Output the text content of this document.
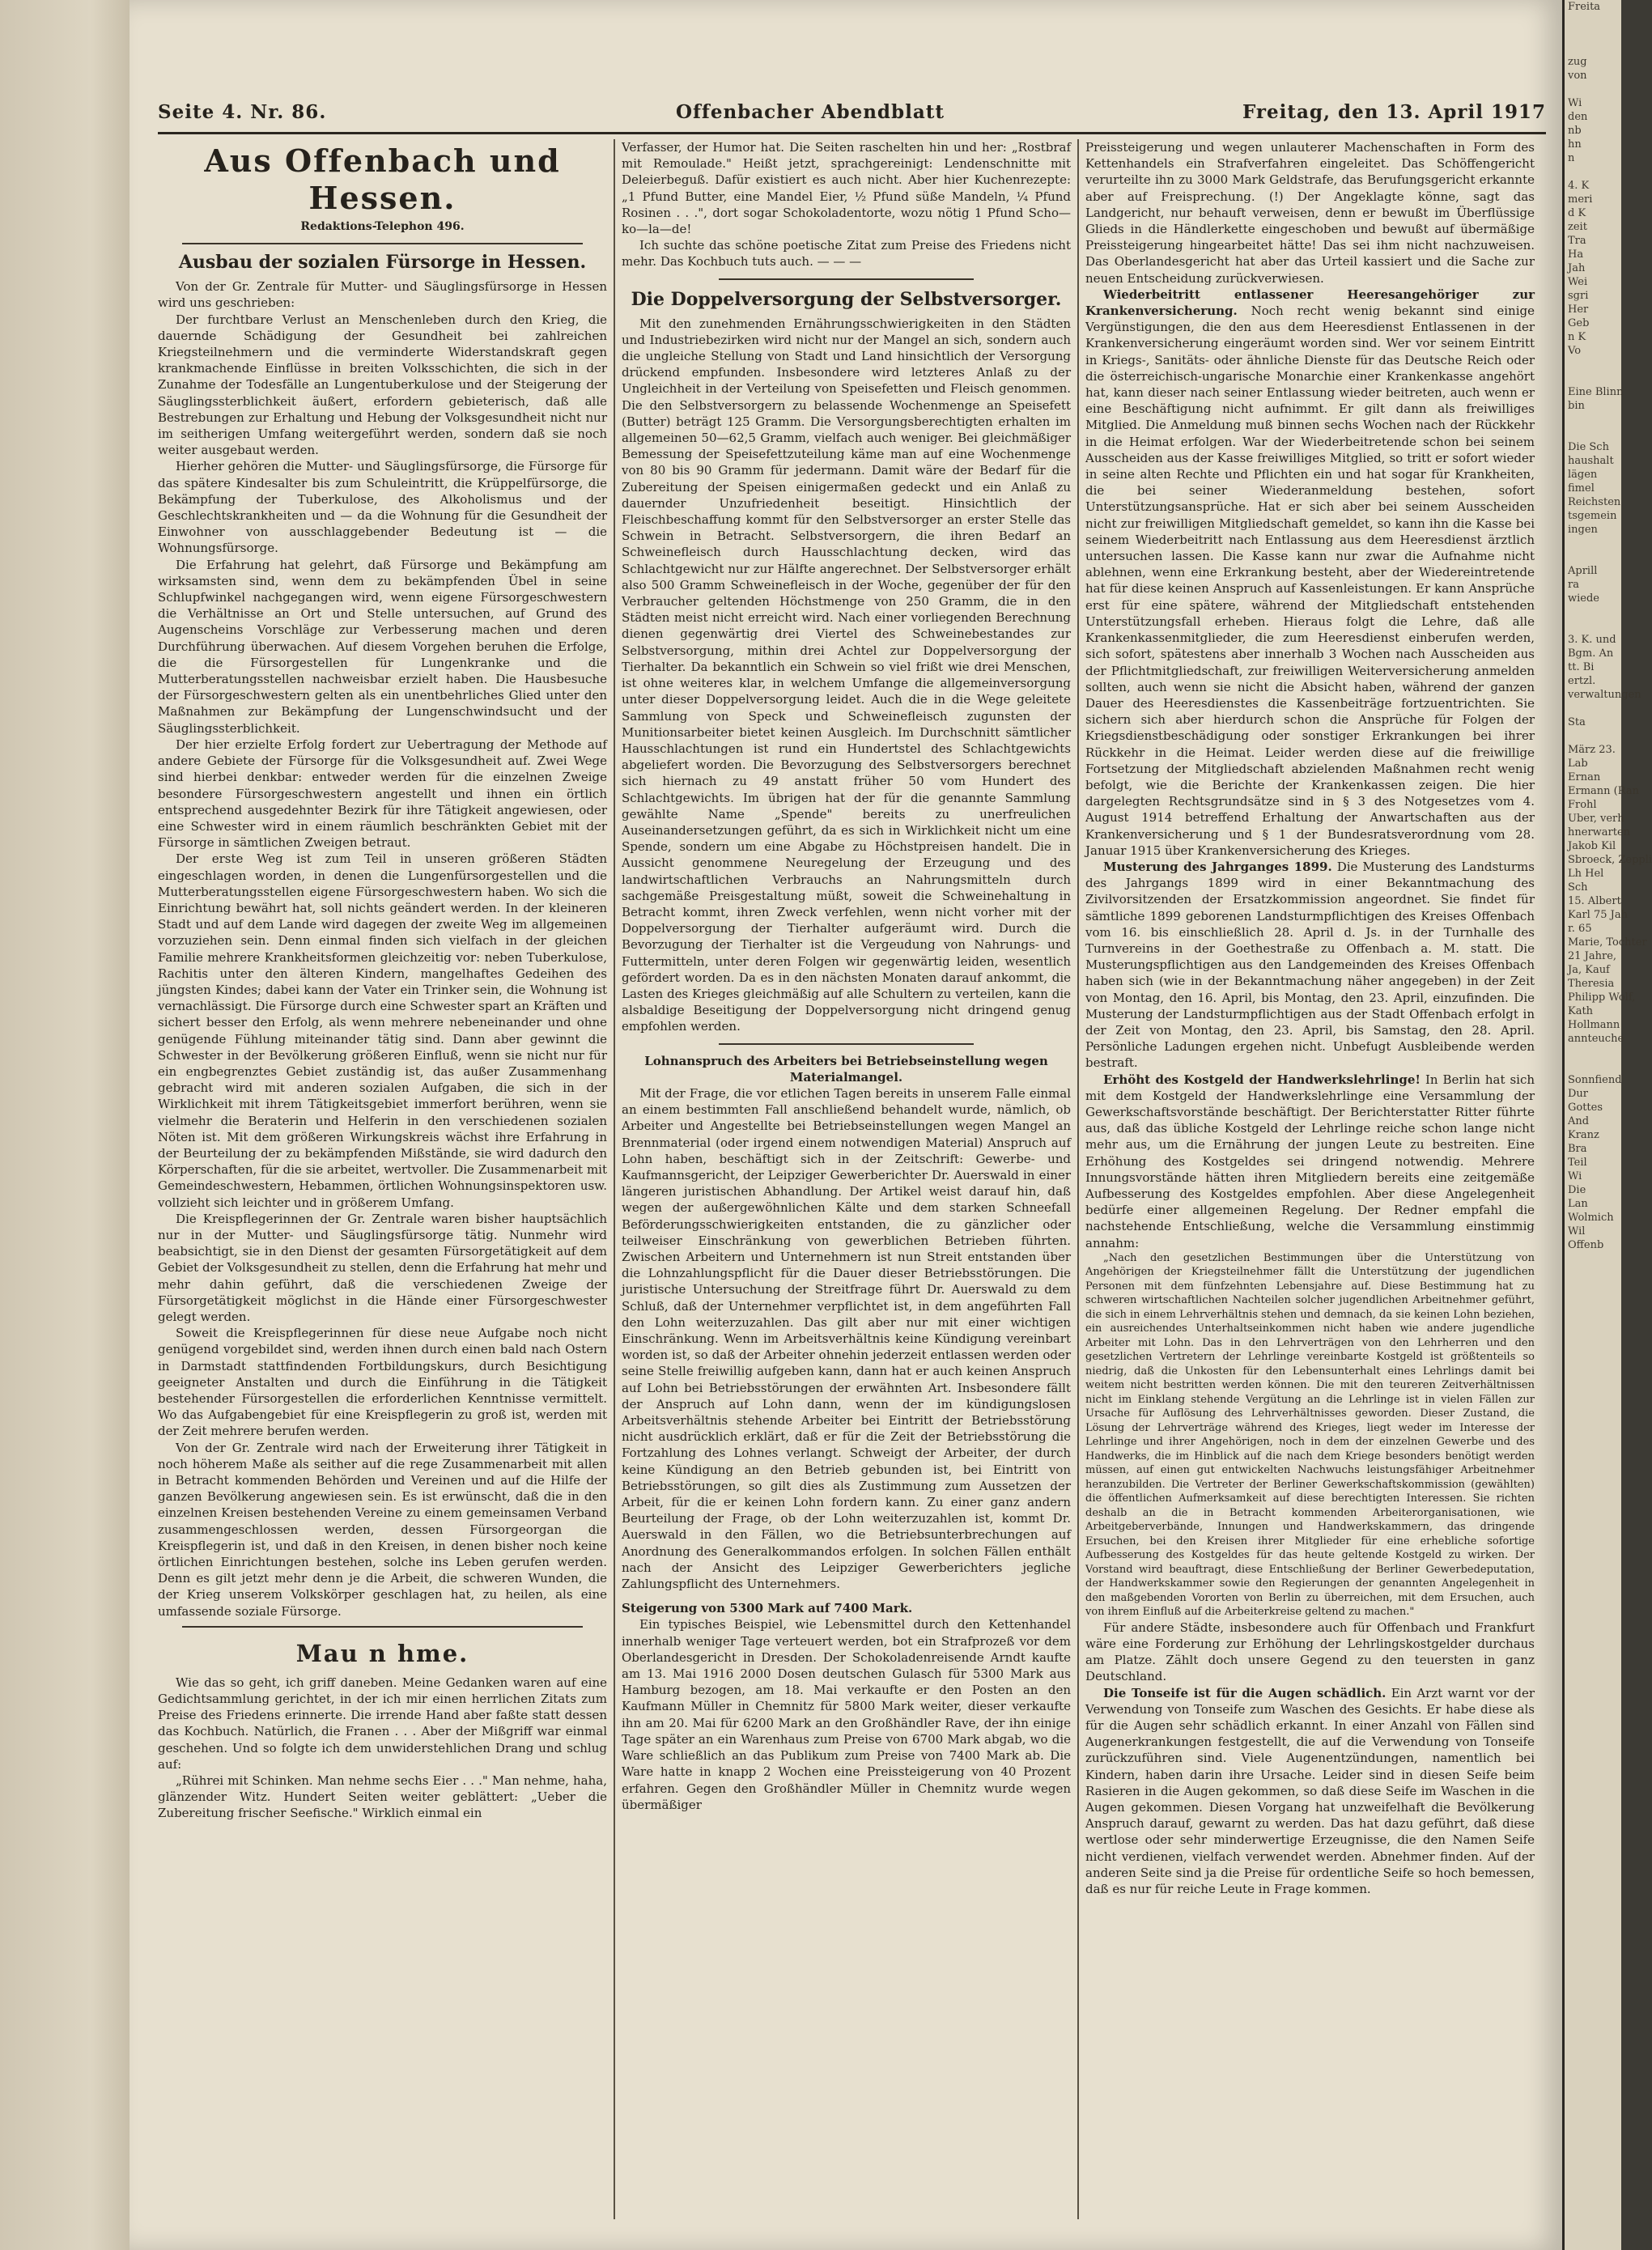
Seite 4. Nr. 86.	Offenbacher Abendblatt	Freitag, den 13. April 1917
Aus Offenbach und Hessen.
Redaktions-Telephon 496.
Ausbau der sozialen Fürsorge in Hessen.

Von der Gr. Zentrale für Mutter- und Säuglingsfürsorge in Hessen wird uns geschrieben:

Der furchtbare Verlust an Menschenleben durch den Krieg, die dauernde Schädigung der Gesundheit bei zahlreichen Kriegsteilnehmern und die verminderte Widerstandskraft gegen krankmachende Einflüsse in breiten Volksschichten, die sich in der Zunahme der Todesfälle an Lungentuberkulose und der Steigerung der Säuglingssterblichkeit äußert, erfordern gebieterisch, daß alle Bestrebungen zur Erhaltung und Hebung der Volksgesundheit nicht nur im seitherigen Umfang weitergeführt werden, sondern daß sie noch weiter ausgebaut werden.

Hierher gehören die Mutter- und Säuglingsfürsorge, die Fürsorge für das spätere Kindesalter bis zum Schuleintritt, die Krüppelfürsorge, die Bekämpfung der Tuberkulose, des Alkoholismus und der Geschlechtskrankheiten und — da die Wohnung für die Gesundheit der Einwohner von ausschlaggebender Bedeutung ist — die Wohnungsfürsorge.

Die Erfahrung hat gelehrt, daß Fürsorge und Bekämpfung am wirksamsten sind, wenn dem zu bekämpfenden Übel in seine Schlupfwinkel nachgegangen wird, wenn eigene Fürsorgeschwestern die Verhältnisse an Ort und Stelle untersuchen, auf Grund des Augenscheins Vorschläge zur Verbesserung machen und deren Durchführung überwachen. Auf diesem Vorgehen beruhen die Erfolge, die die Fürsorgestellen für Lungenkranke und die Mutterberatungsstellen nachweisbar erzielt haben. Die Hausbesuche der Fürsorgeschwestern gelten als ein unentbehrliches Glied unter den Maßnahmen zur Bekämpfung der Lungenschwindsucht und der Säuglingssterblichkeit.

Der hier erzielte Erfolg fordert zur Uebertragung der Methode auf andere Gebiete der Fürsorge für die Volksgesundheit auf. Zwei Wege sind hierbei denkbar: entweder werden für die einzelnen Zweige besondere Fürsorgeschwestern angestellt und ihnen ein örtlich entsprechend ausgedehnter Bezirk für ihre Tätigkeit angewiesen, oder eine Schwester wird in einem räumlich beschränkten Gebiet mit der Fürsorge in sämtlichen Zweigen betraut.

Der erste Weg ist zum Teil in unseren größeren Städten eingeschlagen worden, in denen die Lungenfürsorgestellen und die Mutterberatungsstellen eigene Fürsorgeschwestern haben. Wo sich die Einrichtung bewährt hat, soll nichts geändert werden. In der kleineren Stadt und auf dem Lande wird dagegen der zweite Weg im allgemeinen vorzuziehen sein. Denn einmal finden sich vielfach in der gleichen Familie mehrere Krankheitsformen gleichzeitig vor: neben Tuberkulose, Rachitis unter den älteren Kindern, mangelhaftes Gedeihen des jüngsten Kindes; dabei kann der Vater ein Trinker sein, die Wohnung ist vernachlässigt. Die Fürsorge durch eine Schwester spart an Kräften und sichert besser den Erfolg, als wenn mehrere nebeneinander und ohne genügende Fühlung miteinander tätig sind. Dann aber gewinnt die Schwester in der Bevölkerung größeren Einfluß, wenn sie nicht nur für ein engbegrenztes Gebiet zuständig ist, das außer Zusammenhang gebracht wird mit anderen sozialen Aufgaben, die sich in der Wirklichkeit mit ihrem Tätigkeitsgebiet immerfort berühren, wenn sie vielmehr die Beraterin und Helferin in den verschiedenen sozialen Nöten ist. Mit dem größeren Wirkungskreis wächst ihre Erfahrung in der Beurteilung der zu bekämpfenden Mißstände, sie wird dadurch den Körperschaften, für die sie arbeitet, wertvoller. Die Zusammenarbeit mit Gemeindeschwestern, Hebammen, örtlichen Wohnungsinspektoren usw. vollzieht sich leichter und in größerem Umfang.

Die Kreispflegerinnen der Gr. Zentrale waren bisher hauptsächlich nur in der Mutter- und Säuglingsfürsorge tätig. Nunmehr wird beabsichtigt, sie in den Dienst der gesamten Fürsorgetätigkeit auf dem Gebiet der Volksgesundheit zu stellen, denn die Erfahrung hat mehr und mehr dahin geführt, daß die verschiedenen Zweige der Fürsorgetätigkeit möglichst in die Hände einer Fürsorgeschwester gelegt werden.

Soweit die Kreispflegerinnen für diese neue Aufgabe noch nicht genügend vorgebildet sind, werden ihnen durch einen bald nach Ostern in Darmstadt stattfindenden Fortbildungskurs, durch Besichtigung geeigneter Anstalten und durch die Einführung in die Tätigkeit bestehender Fürsorgestellen die erforderlichen Kenntnisse vermittelt. Wo das Aufgabengebiet für eine Kreispflegerin zu groß ist, werden mit der Zeit mehrere berufen werden.

Von der Gr. Zentrale wird nach der Erweiterung ihrer Tätigkeit in noch höherem Maße als seither auf die rege Zusammenarbeit mit allen in Betracht kommenden Behörden und Vereinen und auf die Hilfe der ganzen Bevölkerung angewiesen sein. Es ist erwünscht, daß die in den einzelnen Kreisen bestehenden Vereine zu einem gemeinsamen Verband zusammengeschlossen werden, dessen Fürsorgeorgan die Kreispflegerin ist, und daß in den Kreisen, in denen bisher noch keine örtlichen Einrichtungen bestehen, solche ins Leben gerufen werden. Denn es gilt jetzt mehr denn je die Arbeit, die schweren Wunden, die der Krieg unserem Volkskörper geschlagen hat, zu heilen, als eine umfassende soziale Fürsorge.

Mau n hme.

Wie das so geht, ich griff daneben. Meine Gedanken waren auf eine Gedichtsammlung gerichtet, in der ich mir einen herrlichen Zitats zum Preise des Friedens erinnerte. Die irrende Hand aber faßte statt dessen das Kochbuch. Natürlich, die Franen . . . Aber der Mißgriff war einmal geschehen. Und so folgte ich dem unwiderstehlichen Drang und schlug auf:

„Rührei mit Schinken. Man nehme sechs Eier . . ." Man nehme, haha, glänzender Witz. Hundert Seiten weiter geblättert: „Ueber die Zubereitung frischer Seefische." Wirklich einmal ein

Verfasser, der Humor hat. Die Seiten raschelten hin und her: „Rostbraf mit Remoulade." Heißt jetzt, sprachgereinigt: Lendenschnitte mit Deleierbeguß. Dafür existiert es auch nicht. Aber hier Kuchenrezepte: „1 Pfund Butter, eine Mandel Eier, ½ Pfund süße Mandeln, ¼ Pfund Rosinen . . .", dort sogar Schokoladentorte, wozu nötig 1 Pfund Scho—ko—la—de!

Ich suchte das schöne poetische Zitat zum Preise des Friedens nicht mehr. Das Kochbuch tuts auch. — — —

Die Doppelversorgung der Selbstversorger.

Mit den zunehmenden Ernährungsschwierigkeiten in den Städten und Industriebezirken wird nicht nur der Mangel an sich, sondern auch die ungleiche Stellung von Stadt und Land hinsichtlich der Versorgung drückend empfunden. Insbesondere wird letzteres Anlaß zu der Ungleichheit in der Verteilung von Speisefetten und Fleisch genommen. Die den Selbstversorgern zu belassende Wochenmenge an Speisefett (Butter) beträgt 125 Gramm. Die Versorgungsberechtigten erhalten im allgemeinen 50—62,5 Gramm, vielfach auch weniger. Bei gleichmäßiger Bemessung der Speisefettzuteilung käme man auf eine Wochenmenge von 80 bis 90 Gramm für jedermann. Damit wäre der Bedarf für die Zubereitung der Speisen einigermaßen gedeckt und ein Anlaß zu dauernder Unzufriedenheit beseitigt. Hinsichtlich der Fleischbeschaffung kommt für den Selbstversorger an erster Stelle das Schwein in Betracht. Selbstversorgern, die ihren Bedarf an Schweinefleisch durch Hausschlachtung decken, wird das Schlachtgewicht nur zur Hälfte angerechnet. Der Selbstversorger erhält also 500 Gramm Schweinefleisch in der Woche, gegenüber der für den Verbraucher geltenden Höchstmenge von 250 Gramm, die in den Städten meist nicht erreicht wird. Nach einer vorliegenden Berechnung dienen gegenwärtig drei Viertel des Schweinebestandes zur Selbstversorgung, mithin drei Achtel zur Doppelversorgung der Tierhalter. Da bekanntlich ein Schwein so viel frißt wie drei Menschen, ist ohne weiteres klar, in welchem Umfange die allgemeinversorgung unter dieser Doppelversorgung leidet. Auch die in die Wege geleitete Sammlung von Speck und Schweinefleisch zugunsten der Munitionsarbeiter bietet keinen Ausgleich. Im Durchschnitt sämtlicher Hausschlachtungen ist rund ein Hundertstel des Schlachtgewichts abgeliefert worden. Die Bevorzugung des Selbstversorgers berechnet sich hiernach zu 49 anstatt früher 50 vom Hundert des Schlachtgewichts. Im übrigen hat der für die genannte Sammlung gewählte Name „Spende" bereits zu unerfreulichen Auseinandersetzungen geführt, da es sich in Wirklichkeit nicht um eine Spende, sondern um eine Abgabe zu Höchstpreisen handelt. Die in Aussicht genommene Neuregelung der Erzeugung und des landwirtschaftlichen Verbrauchs an Nahrungsmitteln durch sachgemäße Preisgestaltung müßt, soweit die Schweinehaltung in Betracht kommt, ihren Zweck verfehlen, wenn nicht vorher mit der Doppelversorgung der Tierhalter aufgeräumt wird. Durch die Bevorzugung der Tierhalter ist die Vergeudung von Nahrungs- und Futtermitteln, unter deren Folgen wir gegenwärtig leiden, wesentlich gefördert worden. Da es in den nächsten Monaten darauf ankommt, die Lasten des Krieges gleichmäßig auf alle Schultern zu verteilen, kann die alsbaldige Beseitigung der Doppelversorgung nicht dringend genug empfohlen werden.

Lohnanspruch des Arbeiters bei Betriebseinstellung wegen Materialmangel.

Mit der Frage, die vor etlichen Tagen bereits in unserem Falle einmal an einem bestimmten Fall anschließend behandelt wurde, nämlich, ob Arbeiter und Angestellte bei Betriebseinstellungen wegen Mangel an Brennmaterial (oder irgend einem notwendigen Material) Anspruch auf Lohn haben, beschäftigt sich in der Zeitschrift: Gewerbe- und Kaufmannsgericht, der Leipziger Gewerberichter Dr. Auerswald in einer längeren juristischen Abhandlung. Der Artikel weist darauf hin, daß wegen der außergewöhnlichen Kälte und dem starken Schneefall Beförderungsschwierigkeiten entstanden, die zu gänzlicher oder teilweiser Einschränkung von gewerblichen Betrieben führten. Zwischen Arbeitern und Unternehmern ist nun Streit entstanden über die Lohnzahlungspflicht für die Dauer dieser Betriebsstörungen. Die juristische Untersuchung der Streitfrage führt Dr. Auerswald zu dem Schluß, daß der Unternehmer verpflichtet ist, in dem angeführten Fall den Lohn weiterzuzahlen. Das gilt aber nur mit einer wichtigen Einschränkung. Wenn im Arbeitsverhältnis keine Kündigung vereinbart worden ist, so daß der Arbeiter ohnehin jederzeit entlassen werden oder seine Stelle freiwillig aufgeben kann, dann hat er auch keinen Anspruch auf Lohn bei Betriebsstörungen der erwähnten Art. Insbesondere fällt der Anspruch auf Lohn dann, wenn der im kündigungslosen Arbeitsverhältnis stehende Arbeiter bei Eintritt der Betriebsstörung nicht ausdrücklich erklärt, daß er für die Zeit der Betriebsstörung die Fortzahlung des Lohnes verlangt. Schweigt der Arbeiter, der durch keine Kündigung an den Betrieb gebunden ist, bei Eintritt von Betriebsstörungen, so gilt dies als Zustimmung zum Aussetzen der Arbeit, für die er keinen Lohn fordern kann. Zu einer ganz andern Beurteilung der Frage, ob der Lohn weiterzuzahlen ist, kommt Dr. Auerswald in den Fällen, wo die Betriebsunterbrechungen auf Anordnung des Generalkommandos erfolgen. In solchen Fällen enthält nach der Ansicht des Leipziger Gewerberichters jegliche Zahlungspflicht des Unternehmers.

Steigerung von 5300 Mark auf 7400 Mark.

Ein typisches Beispiel, wie Lebensmittel durch den Kettenhandel innerhalb weniger Tage verteuert werden, bot ein Strafprozeß vor dem Oberlandesgericht in Dresden. Der Schokoladenreisende Arndt kaufte am 13. Mai 1916 2000 Dosen deutschen Gulasch für 5300 Mark aus Hamburg bezogen, am 18. Mai verkaufte er den Posten an den Kaufmann Müller in Chemnitz für 5800 Mark weiter, dieser verkaufte ihn am 20. Mai für 6200 Mark an den Großhändler Rave, der ihn einige Tage später an ein Warenhaus zum Preise von 6700 Mark abgab, wo die Ware schließlich an das Publikum zum Preise von 7400 Mark ab. Die Ware hatte in knapp 2 Wochen eine Preissteigerung von 40 Prozent erfahren. Gegen den Großhändler Müller in Chemnitz wurde wegen übermäßiger

Preissteigerung und wegen unlauterer Machenschaften in Form des Kettenhandels ein Strafverfahren eingeleitet. Das Schöffengericht verurteilte ihn zu 3000 Mark Geldstrafe, das Berufungsgericht erkannte aber auf Freisprechung. (!) Der Angeklagte könne, sagt das Landgericht, nur behauft verweisen, denn er bewußt im Überflüssige Glieds in die Händlerkette eingeschoben und bewußt auf übermäßige Preissteigerung hingearbeitet hätte! Das sei ihm nicht nachzuweisen. Das Oberlandesgericht hat aber das Urteil kassiert und die Sache zur neuen Entscheidung zurückverwiesen.

Wiederbeitritt entlassener Heeresangehöriger zur Krankenversicherung. Noch recht wenig bekannt sind einige Vergünstigungen, die den aus dem Heeresdienst Entlassenen in der Krankenversicherung eingeräumt worden sind. Wer vor seinem Eintritt in Kriegs-, Sanitäts- oder ähnliche Dienste für das Deutsche Reich oder die österreichisch-ungarische Monarchie einer Krankenkasse angehört hat, kann dieser nach seiner Entlassung wieder beitreten, auch wenn er eine Beschäftigung nicht aufnimmt. Er gilt dann als freiwilliges Mitglied. Die Anmeldung muß binnen sechs Wochen nach der Rückkehr in die Heimat erfolgen. War der Wiederbeitretende schon bei seinem Ausscheiden aus der Kasse freiwilliges Mitglied, so tritt er sofort wieder in seine alten Rechte und Pflichten ein und hat sogar für Krankheiten, die bei seiner Wiederanmeldung bestehen, sofort Unterstützungsansprüche. Hat er sich aber bei seinem Ausscheiden nicht zur freiwilligen Mitgliedschaft gemeldet, so kann ihn die Kasse bei seinem Wiederbeitritt nach Entlassung aus dem Heeresdienst ärztlich untersuchen lassen. Die Kasse kann nur zwar die Aufnahme nicht ablehnen, wenn eine Erkrankung besteht, aber der Wiedereintretende hat für diese keinen Anspruch auf Kassenleistungen. Er kann Ansprüche erst für eine spätere, während der Mitgliedschaft entstehenden Unterstützungsfall erheben. Hieraus folgt die Lehre, daß alle Krankenkassenmitglieder, die zum Heeresdienst einberufen werden, sich sofort, spätestens aber innerhalb 3 Wochen nach Ausscheiden aus der Pflichtmitgliedschaft, zur freiwilligen Weiterversicherung anmelden sollten, auch wenn sie nicht die Absicht haben, während der ganzen Dauer des Heeresdienstes die Kassenbeiträge fortzuentrichten. Sie sichern sich aber hierdurch schon die Ansprüche für Folgen der Kriegsdienstbeschädigung oder sonstiger Erkrankungen bei ihrer Rückkehr in die Heimat. Leider werden diese auf die freiwillige Fortsetzung der Mitgliedschaft abzielenden Maßnahmen recht wenig befolgt, wie die Berichte der Krankenkassen zeigen. Die hier dargelegten Rechtsgrundsätze sind in § 3 des Notgesetzes vom 4. August 1914 betreffend Erhaltung der Anwartschaften aus der Krankenversicherung und § 1 der Bundesratsverordnung vom 28. Januar 1915 über Krankenversicherung des Krieges.

Musterung des Jahrganges 1899. Die Musterung des Landsturms des Jahrgangs 1899 wird in einer Bekanntmachung des Zivilvorsitzenden der Ersatzkommission angeordnet. Sie findet für sämtliche 1899 geborenen Landsturmpflichtigen des Kreises Offenbach vom 16. bis einschließlich 28. April d. Js. in der Turnhalle des Turnvereins in der Goethestraße zu Offenbach a. M. statt. Die Musterungspflichtigen aus den Landgemeinden des Kreises Offenbach haben sich (wie in der Bekanntmachung näher angegeben) in der Zeit von Montag, den 16. April, bis Montag, den 23. April, einzufinden. Die Musterung der Landsturmpflichtigen aus der Stadt Offenbach erfolgt in der Zeit von Montag, den 23. April, bis Samstag, den 28. April. Persönliche Ladungen ergehen nicht. Unbefugt Ausbleibende werden bestraft.

Erhöht des Kostgeld der Handwerkslehrlinge! In Berlin hat sich mit dem Kostgeld der Handwerkslehrlinge eine Versammlung der Gewerkschaftsvorstände beschäftigt. Der Berichterstatter Ritter führte aus, daß das übliche Kostgeld der Lehrlinge reiche schon lange nicht mehr aus, um die Ernährung der jungen Leute zu bestreiten. Eine Erhöhung des Kostgeldes sei dringend notwendig. Mehrere Innungsvorstände hätten ihren Mitgliedern bereits eine zeitgemäße Aufbesserung des Kostgeldes empfohlen. Aber diese Angelegenheit bedürfe einer allgemeinen Regelung. Der Redner empfahl die nachstehende Entschließung, welche die Versammlung einstimmig annahm:

„Nach den gesetzlichen Bestimmungen über die Unterstützung von Angehörigen der Kriegsteilnehmer fällt die Unterstützung der jugendlichen Personen mit dem fünfzehnten Lebensjahre auf. Diese Bestimmung hat zu schweren wirtschaftlichen Nachteilen solcher jugendlichen Arbeitnehmer geführt, die sich in einem Lehrverhältnis stehen und demnach, da sie keinen Lohn beziehen, ein ausreichendes Unterhaltseinkommen nicht haben wie andere jugendliche Arbeiter mit Lohn. Das in den Lehrverträgen von den Lehrherren und den gesetzlichen Vertretern der Lehrlinge vereinbarte Kostgeld ist größtenteils so niedrig, daß die Unkosten für den Lebensunterhalt eines Lehrlings damit bei weitem nicht bestritten werden können. Die mit den teureren Zeitverhältnissen nicht im Einklang stehende Vergütung an die Lehrlinge ist in vielen Fällen zur Ursache für Auflösung des Lehrverhältnisses geworden. Dieser Zustand, die Lösung der Lehrverträge während des Krieges, liegt weder im Interesse der Lehrlinge und ihrer Angehörigen, noch in dem der einzelnen Gewerbe und des Handwerks, die im Hinblick auf die nach dem Kriege besonders benötigt werden müssen, auf einen gut entwickelten Nachwuchs leistungsfähiger Arbeitnehmer heranzubilden. Die Vertreter der Berliner Gewerkschaftskommission (gewählten) die öffentlichen Aufmerksamkeit auf diese berechtigten Interessen. Sie richten deshalb an die in Betracht kommenden Arbeiterorganisationen, wie Arbeitgeberverbände, Innungen und Handwerkskammern, das dringende Ersuchen, bei den Kreisen ihrer Mitglieder für eine erhebliche sofortige Aufbesserung des Kostgeldes für das heute geltende Kostgeld zu wirken. Der Vorstand wird beauftragt, diese Entschließung der Berliner Gewerbedeputation, der Handwerkskammer sowie den Regierungen der genannten Angelegenheit in den maßgebenden Vororten von Berlin zu überreichen, mit dem Ersuchen, auch von ihrem Einfluß auf die Arbeiterkreise geltend zu machen."

Für andere Städte, insbesondere auch für Offenbach und Frankfurt wäre eine Forderung zur Erhöhung der Lehrlingskostgelder durchaus am Platze. Zählt doch unsere Gegend zu den teuersten in ganz Deutschland.

Die Tonseife ist für die Augen schädlich. Ein Arzt warnt vor der Verwendung von Tonseife zum Waschen des Gesichts. Er habe diese als für die Augen sehr schädlich erkannt. In einer Anzahl von Fällen sind Augenerkrankungen festgestellt, die auf die Verwendung von Tonseife zurückzuführen sind. Viele Augenentzündungen, namentlich bei Kindern, haben darin ihre Ursache. Leider sind in diesen Seife beim Rasieren in die Augen gekommen, so daß diese Seife im Waschen in die Augen gekommen. Diesen Vorgang hat unzweifelhaft die Bevölkerung Anspruch darauf, gewarnt zu werden. Das hat dazu geführt, daß diese wertlose oder sehr minderwertige Erzeugnisse, die den Namen Seife nicht verdienen, vielfach verwendet werden. Abnehmer finden. Auf der anderen Seite sind ja die Preise für ordentliche Seife so hoch bemessen, daß es nur für reiche Leute in Frage kommen.

Freita

zug
von

Wi
den
nb
hn
n

4. K
meri
d K
zeit
Tra
Ha
Jah
Wei
sgri
Her
Geb
n K
Vo

Eine Blinn
bin

Die Sch
haushalt
lägen
fimel
Reichsten
tsgemein
ingen

Aprill
ra
wiede

3. K. und
Bgm. An
tt. Bi
ertzl.
verwaltungen

Sta

März 23.
Lab
Ernan
Ermann (Ran
Frohl
Uber, verh
hnerwarten
Jakob Kil
Sbroeck, Zeppli
Lh Hel
Sch
15. Albert
Karl 75 Jah
r. 65
Marie, Tochter
21 Jahre,
Ja, Kauf
Theresia
Philipp Wolf,
Kath
Hollmann
annteuche

Sonnfiend
Dur
Gottes
And
Kranz
Bra
Teil
Wi
Die
Lan
Wolmich
Wil
Offenb
